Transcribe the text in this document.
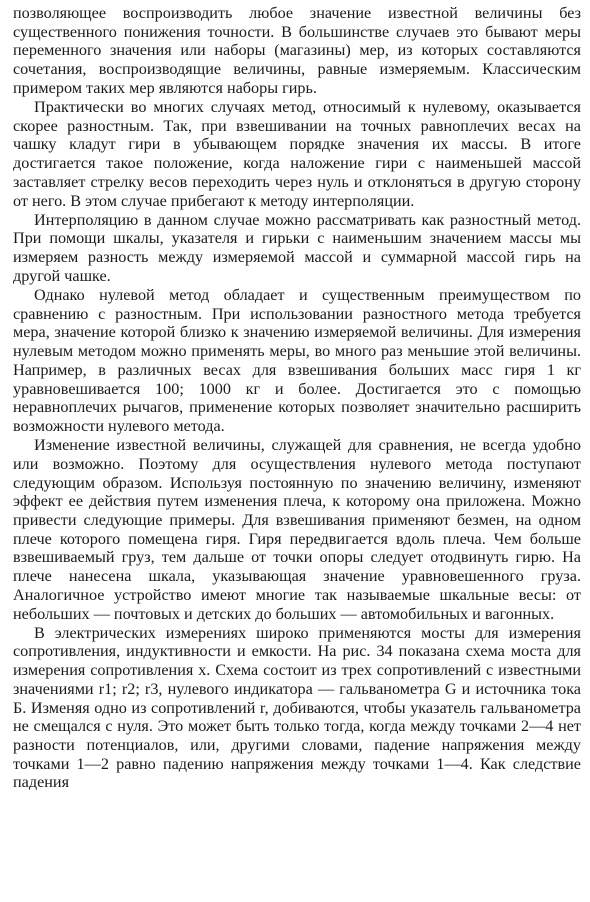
позволяющее воспроизводить любое значение известной величины без существенного понижения точности. В большинстве случаев это бывают меры переменного значения или наборы (магазины) мер, из которых составляются сочетания, воспроизводящие величины, равные измеряемым. Классическим примером таких мер являются наборы гирь.

Практически во многих случаях метод, относимый к нулевому, оказывается скорее разностным. Так, при взвешивании на точных равноплечих весах на чашку кладут гири в убывающем порядке значения их массы. В итоге достигается такое положение, когда наложение гири с наименьшей массой заставляет стрелку весов переходить через нуль и отклоняться в другую сторону от него. В этом случае прибегают к методу интерполяции.

Интерполяцию в данном случае можно рассматривать как разностный метод. При помощи шкалы, указателя и гирьки с наименьшим значением массы мы измеряем разность между измеряемой массой и суммарной массой гирь на другой чашке.

Однако нулевой метод обладает и существенным преимуществом по сравнению с разностным. При использовании разностного метода требуется мера, значение которой близко к значению измеряемой величины. Для измерения нулевым методом можно применять меры, во много раз меньшие этой величины. Например, в различных весах для взвешивания больших масс гиря 1 кг уравновешивается 100; 1000 кг и более. Достигается это с помощью неравноплечих рычагов, применение которых позволяет значительно расширить возможности нулевого метода.

Изменение известной величины, служащей для сравнения, не всегда удобно или возможно. Поэтому для осуществления нулевого метода поступают следующим образом. Используя постоянную по значению величину, изменяют эффект ее действия путем изменения плеча, к которому она приложена. Можно привести следующие примеры. Для взвешивания применяют безмен, на одном плече которого помещена гиря. Гиря передвигается вдоль плеча. Чем больше взвешиваемый груз, тем дальше от точки опоры следует отодвинуть гирю. На плече нанесена шкала, указывающая значение уравновешенного груза. Аналогичное устройство имеют многие так называемые шкальные весы: от небольших — почтовых и детских до больших — автомобильных и вагонных.

В электрических измерениях широко применяются мосты для измерения сопротивления, индуктивности и емкости. На рис. 34 показана схема моста для измерения сопротивления x. Схема состоит из трех сопротивлений с известными значениями r1; r2; r3, нулевого индикатора — гальванометра G и источника тока Б. Изменяя одно из сопротивлений r, добиваются, чтобы указатель гальванометра не смещался с нуля. Это может быть только тогда, когда между точками 2—4 нет разности потенциалов, или, другими словами, падение напряжения между точками 1—2 равно падению напряжения между точками 1—4. Как следствие падения
